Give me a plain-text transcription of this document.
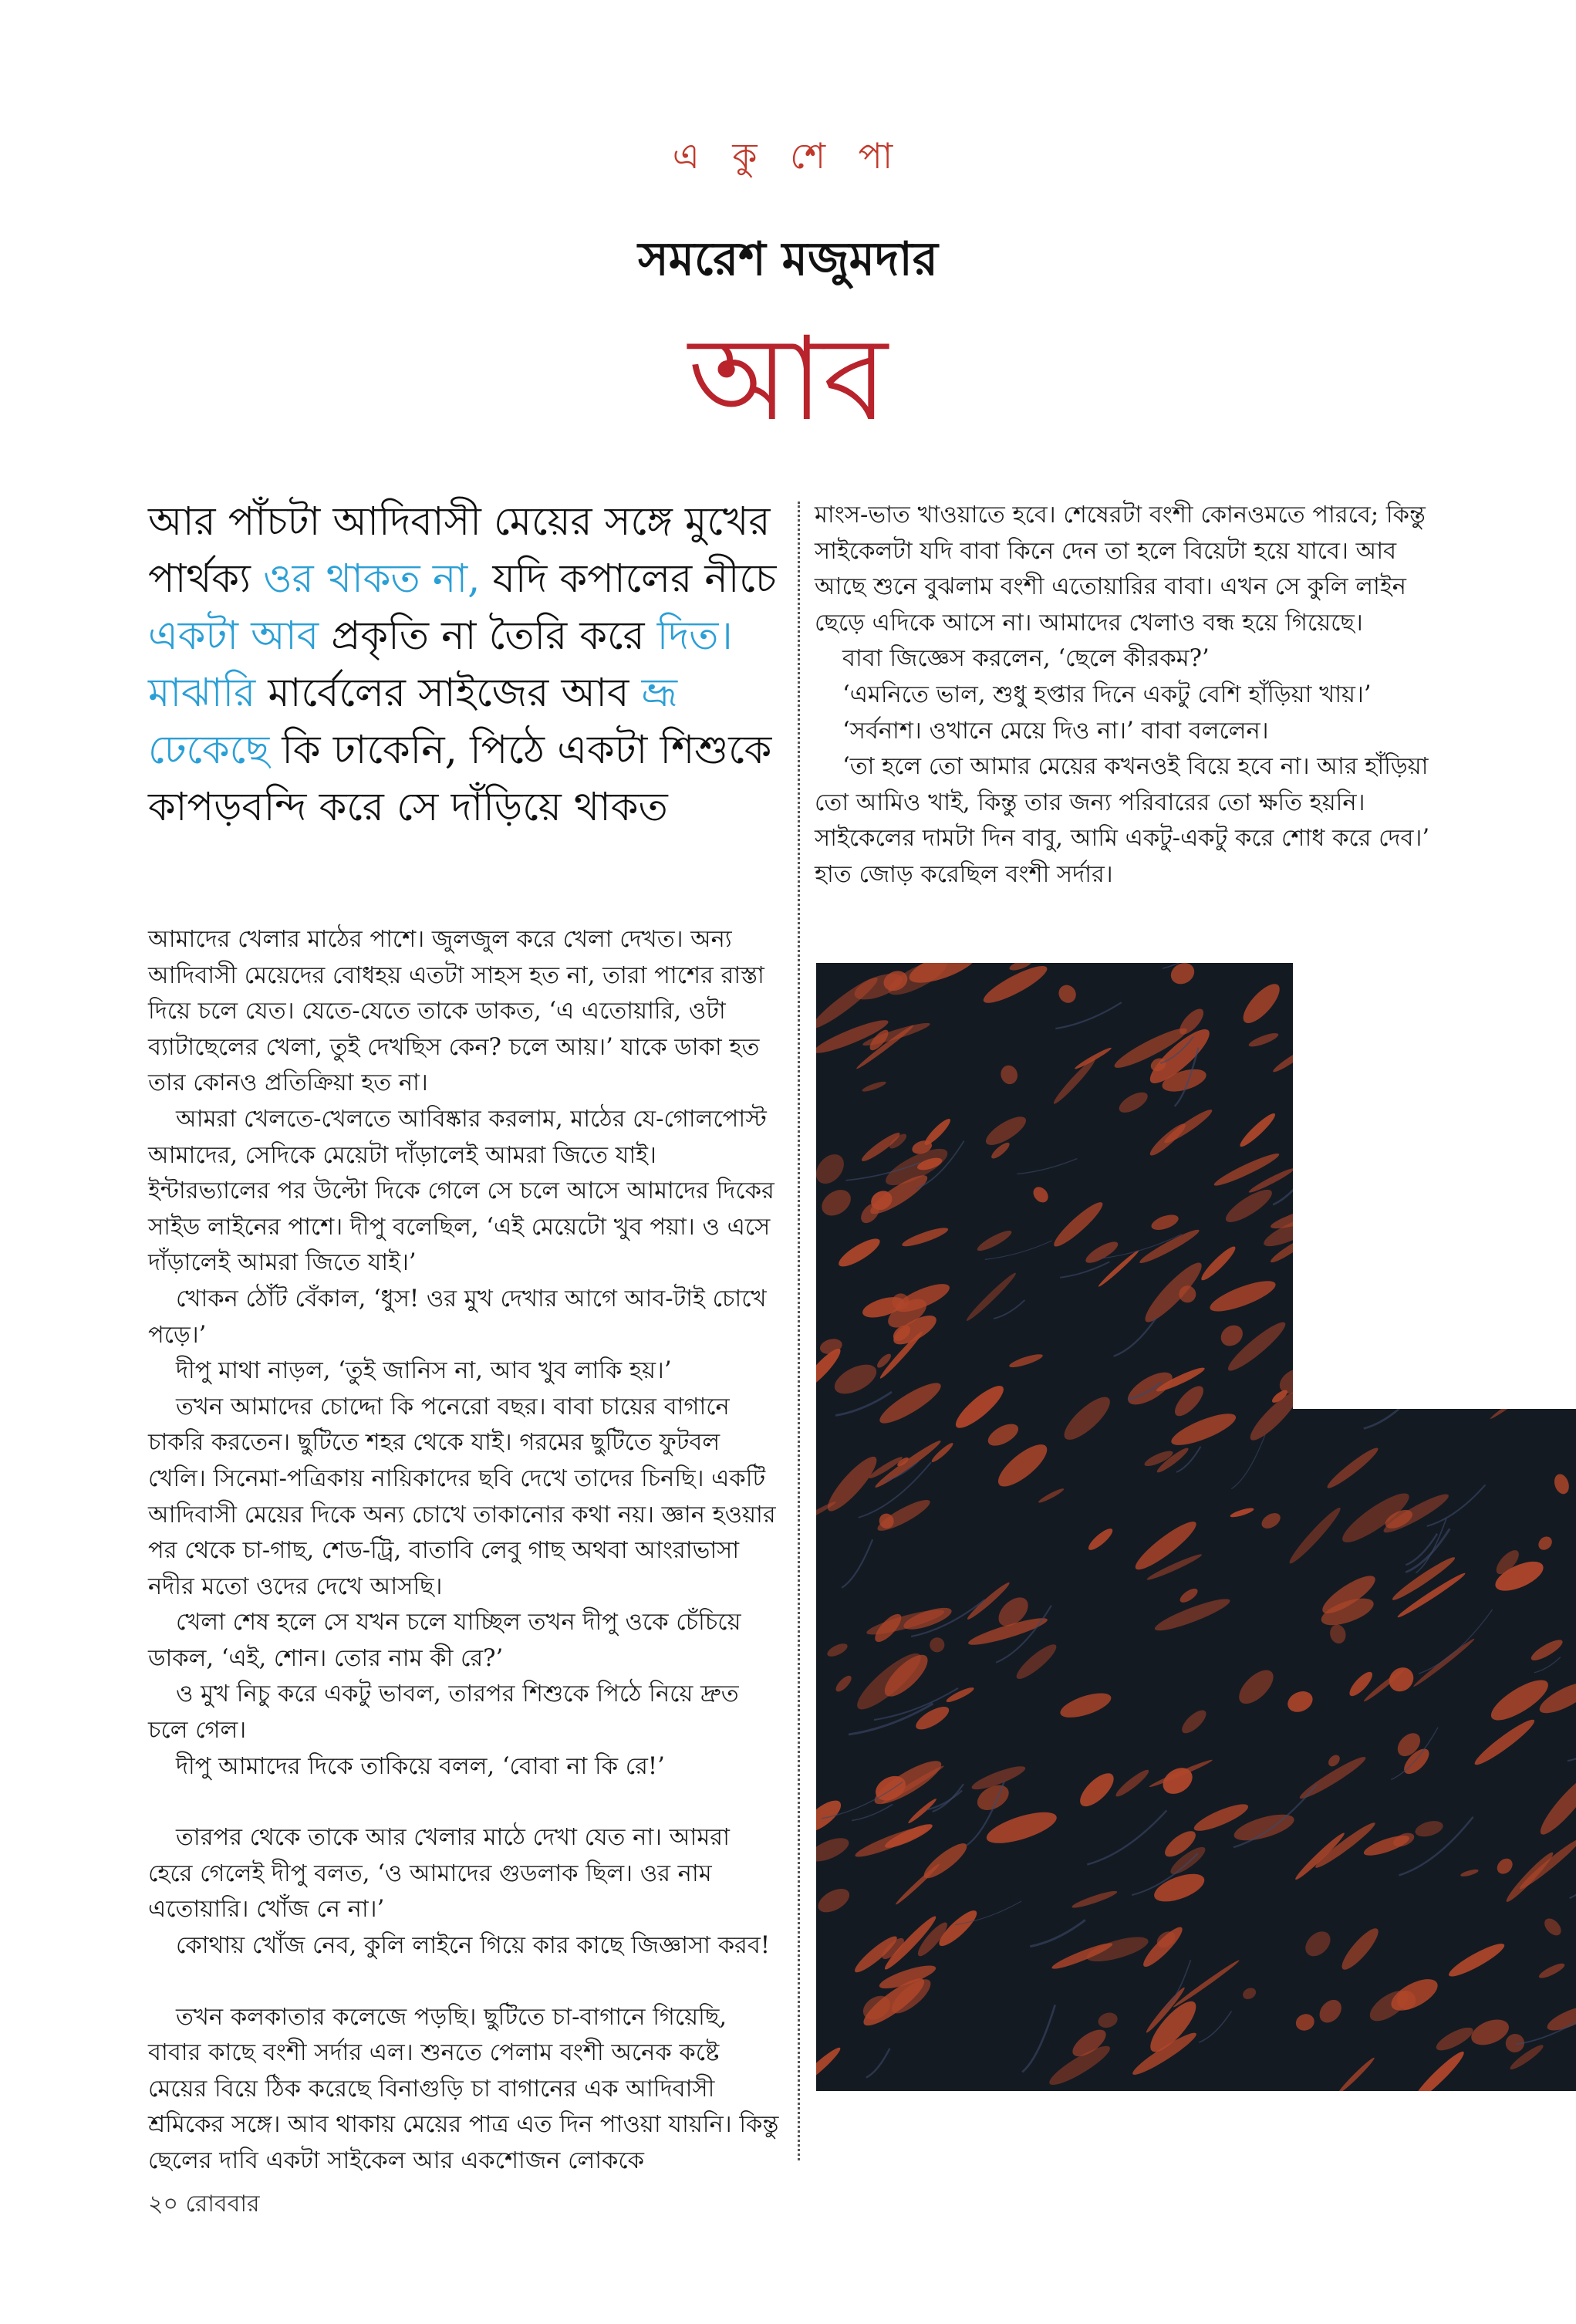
এ কু শে পা
সমরেশ মজুমদার
আব
আর পাঁচটা আদিবাসী মেয়ের সঙ্গে মুখের পার্থক্য ওর থাকত না, যদি কপালের নীচে একটা আব প্রকৃতি না তৈরি করে দিত। মাঝারি মার্বেলের সাইজের আব ভ্রূ ঢেকেছে কি ঢাকেনি, পিঠে একটা শিশুকে কাপড়বন্দি করে সে দাঁড়িয়ে থাকত

আমাদের খেলার মাঠের পাশে। জুলজুল করে খেলা দেখত। অন্য আদিবাসী মেয়েদের বোধহয় এতটা সাহস হত না, তারা পাশের রাস্তা দিয়ে চলে যেত। যেতে-যেতে তাকে ডাকত, ‘এ এতোয়ারি, ওটা ব্যাটাছেলের খেলা, তুই দেখছিস কেন? চলে আয়।’ যাকে ডাকা হত তার কোনও প্রতিক্রিয়া হত না।

আমরা খেলতে-খেলতে আবিষ্কার করলাম, মাঠের যে-গোলপোস্ট আমাদের, সেদিকে মেয়েটা দাঁড়ালেই আমরা জিতে যাই। ইন্টারভ্যালের পর উল্টো দিকে গেলে সে চলে আসে আমাদের দিকের সাইড লাইনের পাশে। দীপু বলেছিল, ‘এই মেয়েটো খুব পয়া। ও এসে দাঁড়ালেই আমরা জিতে যাই।’

খোকন ঠোঁট বেঁকাল, ‘ধুস! ওর মুখ দেখার আগে আব-টাই চোখে পড়ে।’

দীপু মাথা নাড়ল, ‘তুই জানিস না, আব খুব লাকি হয়।’

তখন আমাদের চোদ্দো কি পনেরো বছর। বাবা চায়ের বাগানে চাকরি করতেন। ছুটিতে শহর থেকে যাই। গরমের ছুটিতে ফুটবল খেলি। সিনেমা-পত্রিকায় নায়িকাদের ছবি দেখে তাদের চিনছি। একটি আদিবাসী মেয়ের দিকে অন্য চোখে তাকানোর কথা নয়। জ্ঞান হওয়ার পর থেকে চা-গাছ, শেড-ট্রি, বাতাবি লেবু গাছ অথবা আংরাভাসা নদীর মতো ওদের দেখে আসছি।

খেলা শেষ হলে সে যখন চলে যাচ্ছিল তখন দীপু ওকে চেঁচিয়ে ডাকল, ‘এই, শোন। তোর নাম কী রে?’

ও মুখ নিচু করে একটু ভাবল, তারপর শিশুকে পিঠে নিয়ে দ্রুত চলে গেল।

দীপু আমাদের দিকে তাকিয়ে বলল, ‘বোবা না কি রে!’

তারপর থেকে তাকে আর খেলার মাঠে দেখা যেত না। আমরা হেরে গেলেই দীপু বলত, ‘ও আমাদের গুডলাক ছিল। ওর নাম এতোয়ারি। খোঁজ নে না।’

কোথায় খোঁজ নেব, কুলি লাইনে গিয়ে কার কাছে জিজ্ঞাসা করব!

তখন কলকাতার কলেজে পড়ছি। ছুটিতে চা-বাগানে গিয়েছি, বাবার কাছে বংশী সর্দার এল। শুনতে পেলাম বংশী অনেক কষ্টে মেয়ের বিয়ে ঠিক করেছে বিনাগুড়ি চা বাগানের এক আদিবাসী শ্রমিকের সঙ্গে। আব থাকায় মেয়ের পাত্র এত দিন পাওয়া যায়নি। কিন্তু ছেলের দাবি একটা সাইকেল আর একশোজন লোককে

মাংস-ভাত খাওয়াতে হবে। শেষেরটা বংশী কোনওমতে পারবে; কিন্তু সাইকেলটা যদি বাবা কিনে দেন তা হলে বিয়েটা হয়ে যাবে। আব আছে শুনে বুঝলাম বংশী এতোয়ারির বাবা। এখন সে কুলি লাইন ছেড়ে এদিকে আসে না। আমাদের খেলাও বন্ধ হয়ে গিয়েছে।

বাবা জিজ্ঞেস করলেন, ‘ছেলে কীরকম?’

‘এমনিতে ভাল, শুধু হপ্তার দিনে একটু বেশি হাঁড়িয়া খায়।’

‘সর্বনাশ। ওখানে মেয়ে দিও না।’ বাবা বললেন।

‘তা হলে তো আমার মেয়ের কখনওই বিয়ে হবে না। আর হাঁড়িয়া তো আমিও খাই, কিন্তু তার জন্য পরিবারের তো ক্ষতি হয়নি। সাইকেলের দামটা দিন বাবু, আমি একটু-একটু করে শোধ করে দেব।’ হাত জোড় করেছিল বংশী সর্দার।

২০ রোববার
